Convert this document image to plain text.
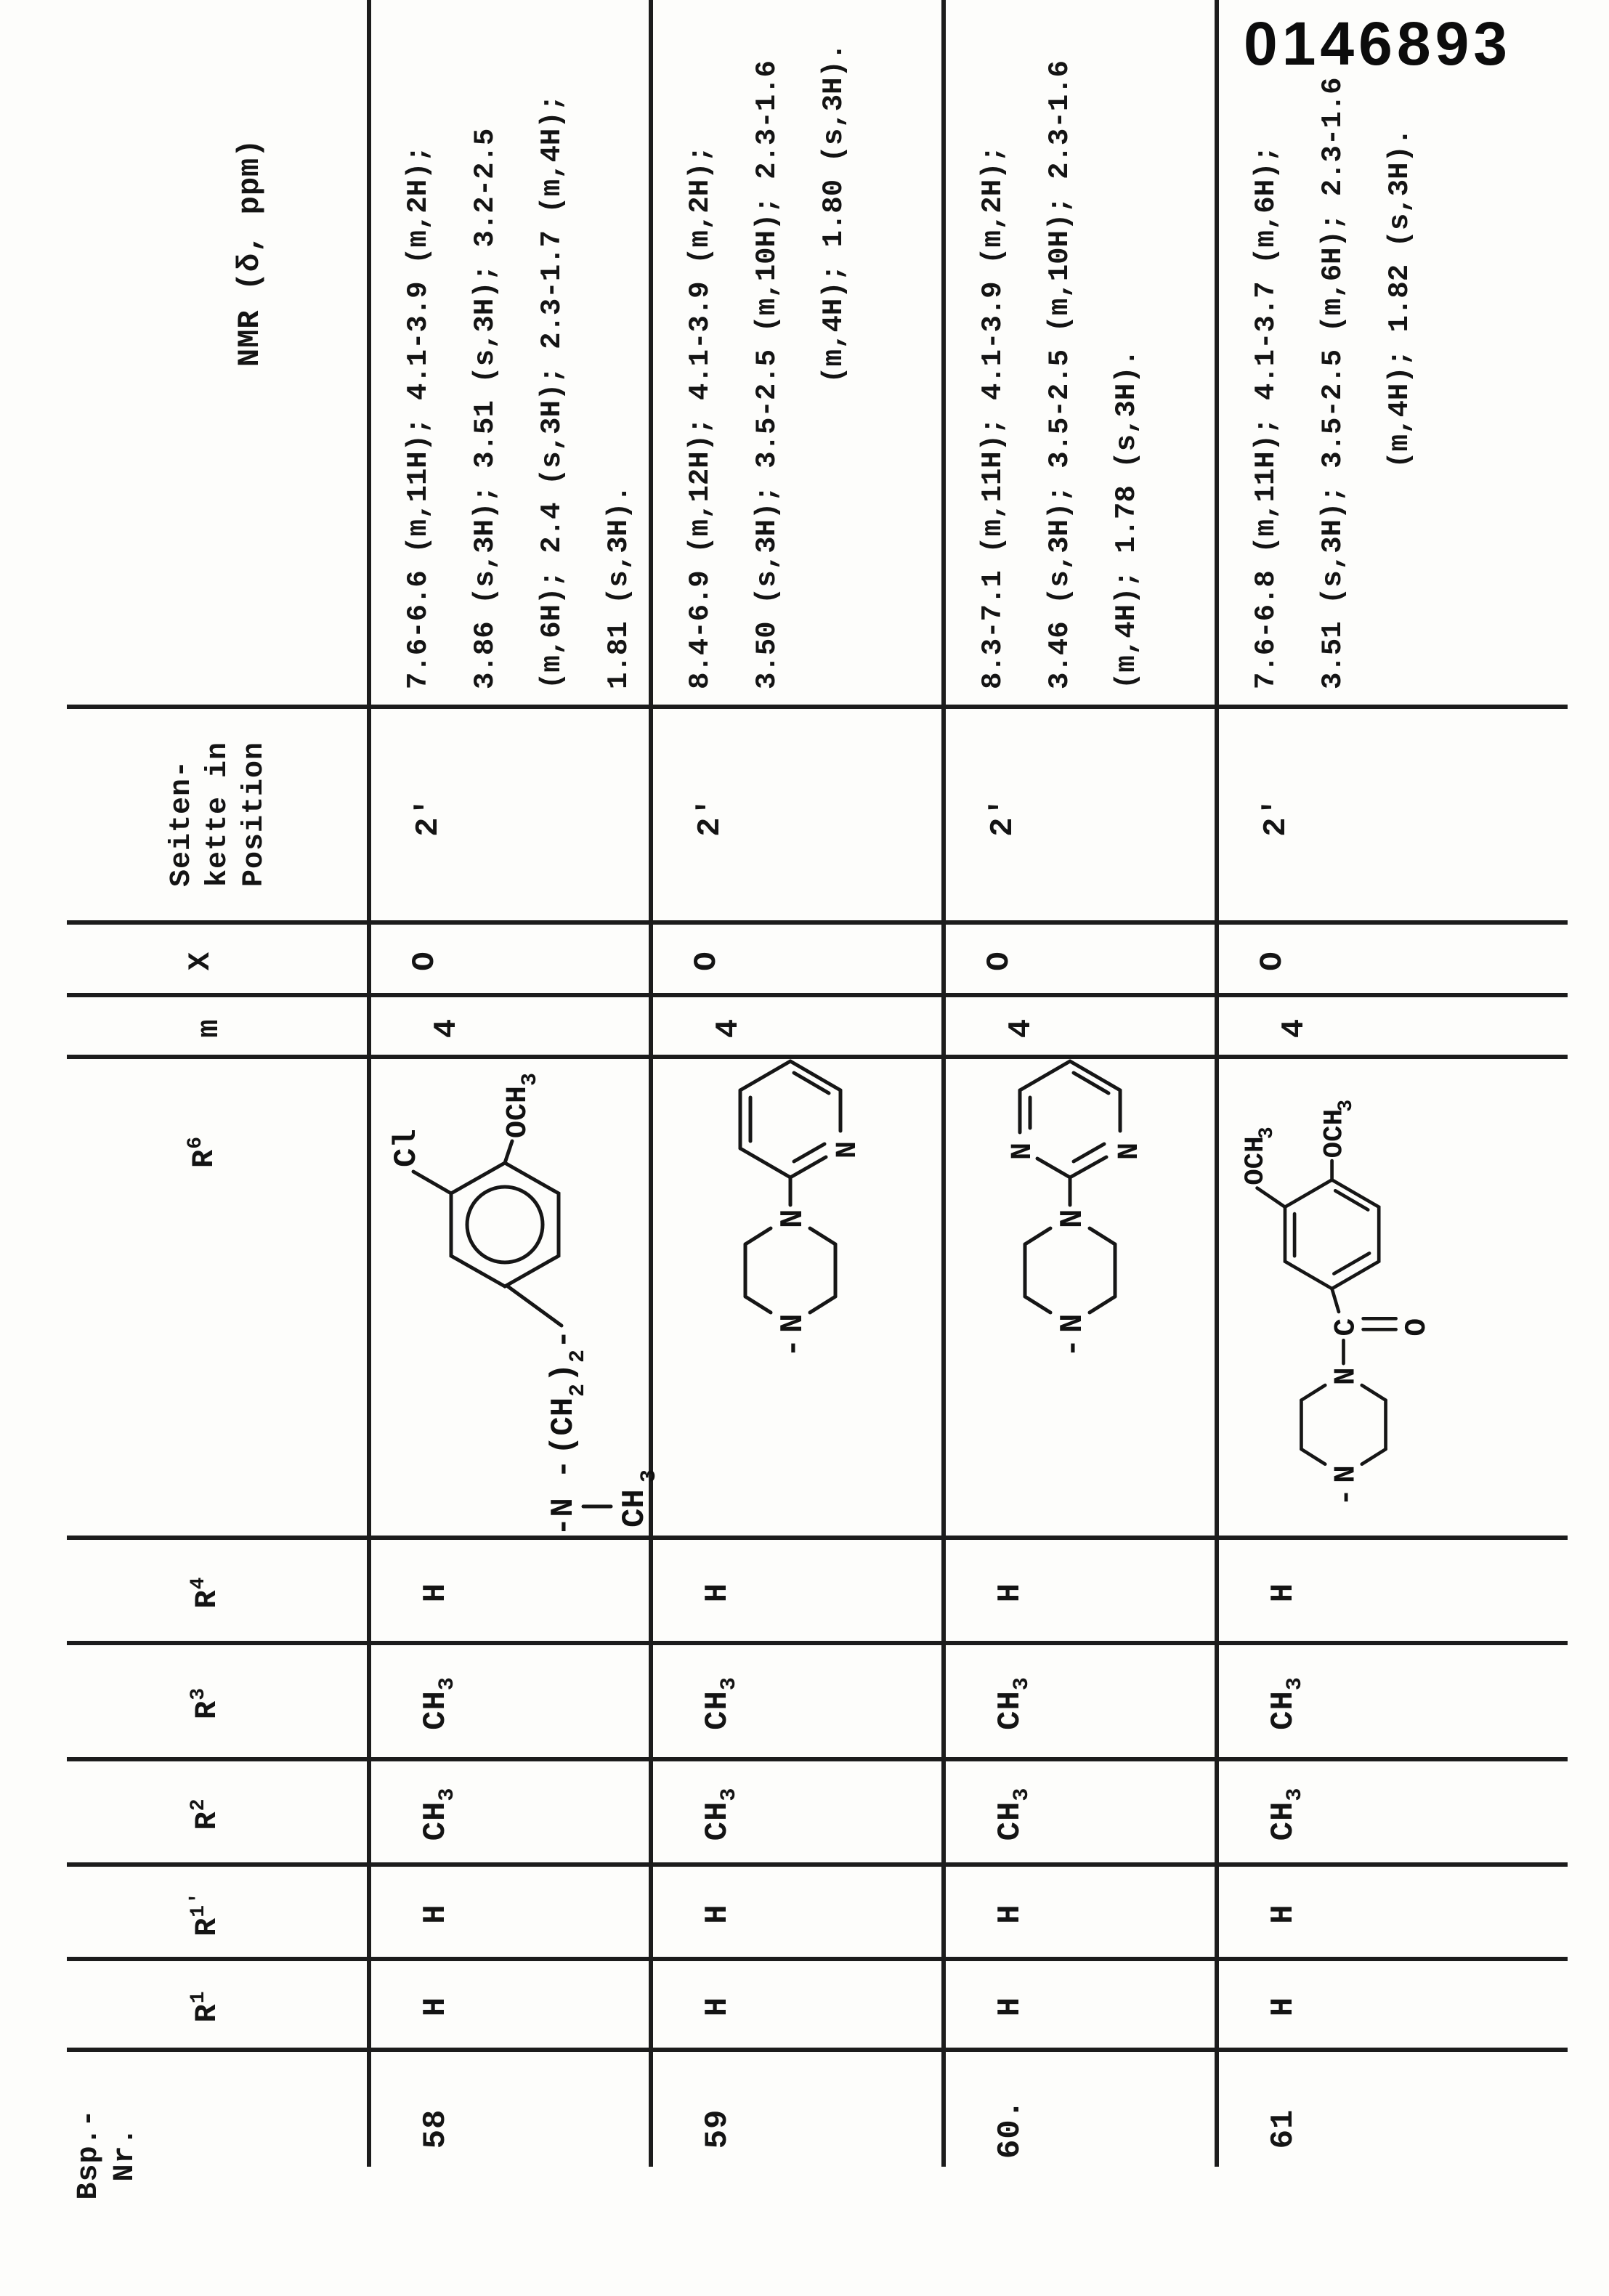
0146893
Bsp.-
Nr.
$R^1$
$R^{1'}$
$R^2$
$R^3$
$R^4$
$R^6$
m
X
Seiten-
kette in
Position
NMR (δ, ppm)
58
H
H
$CH_3$
$CH_3$
H
4
O
2'
7.6-6.6 (m,11H); 4.1-3.9 (m,2H);
3.86 (s,3H); 3.51 (s,3H); 3.2-2.5
(m,6H); 2.4 (s,3H); 2.3-1.7 (m,4H);
1.81 (s,3H).
-N - CH
3
(CH
2
)
2
-
Cl
OCH
3
59
H
H
$CH_3$
$CH_3$
H
4
O
2'
8.4-6.9 (m,12H); 4.1-3.9 (m,2H);
3.50 (s,3H); 3.5-2.5 (m,10H); 2.3-1.6
(m,4H); 1.80 (s,3H).
-
N
N
N
60.
H
H
$CH_3$
$CH_3$
H
4
O
2'
8.3-7.1 (m,11H); 4.1-3.9 (m,2H);
3.46 (s,3H); 3.5-2.5 (m,10H); 2.3-1.6
(m,4H); 1.78 (s,3H).
-
N
N
N	N
61
H
H
$CH_3$
$CH_3$
H
4
O
2'
7.6-6.8 (m,11H); 4.1-3.7 (m,6H);
3.51 (s,3H); 3.5-2.5 (m,6H); 2.3-1.6
(m,4H); 1.82 (s,3H).
-
N
N
C O
OCH
3 OCH
3
